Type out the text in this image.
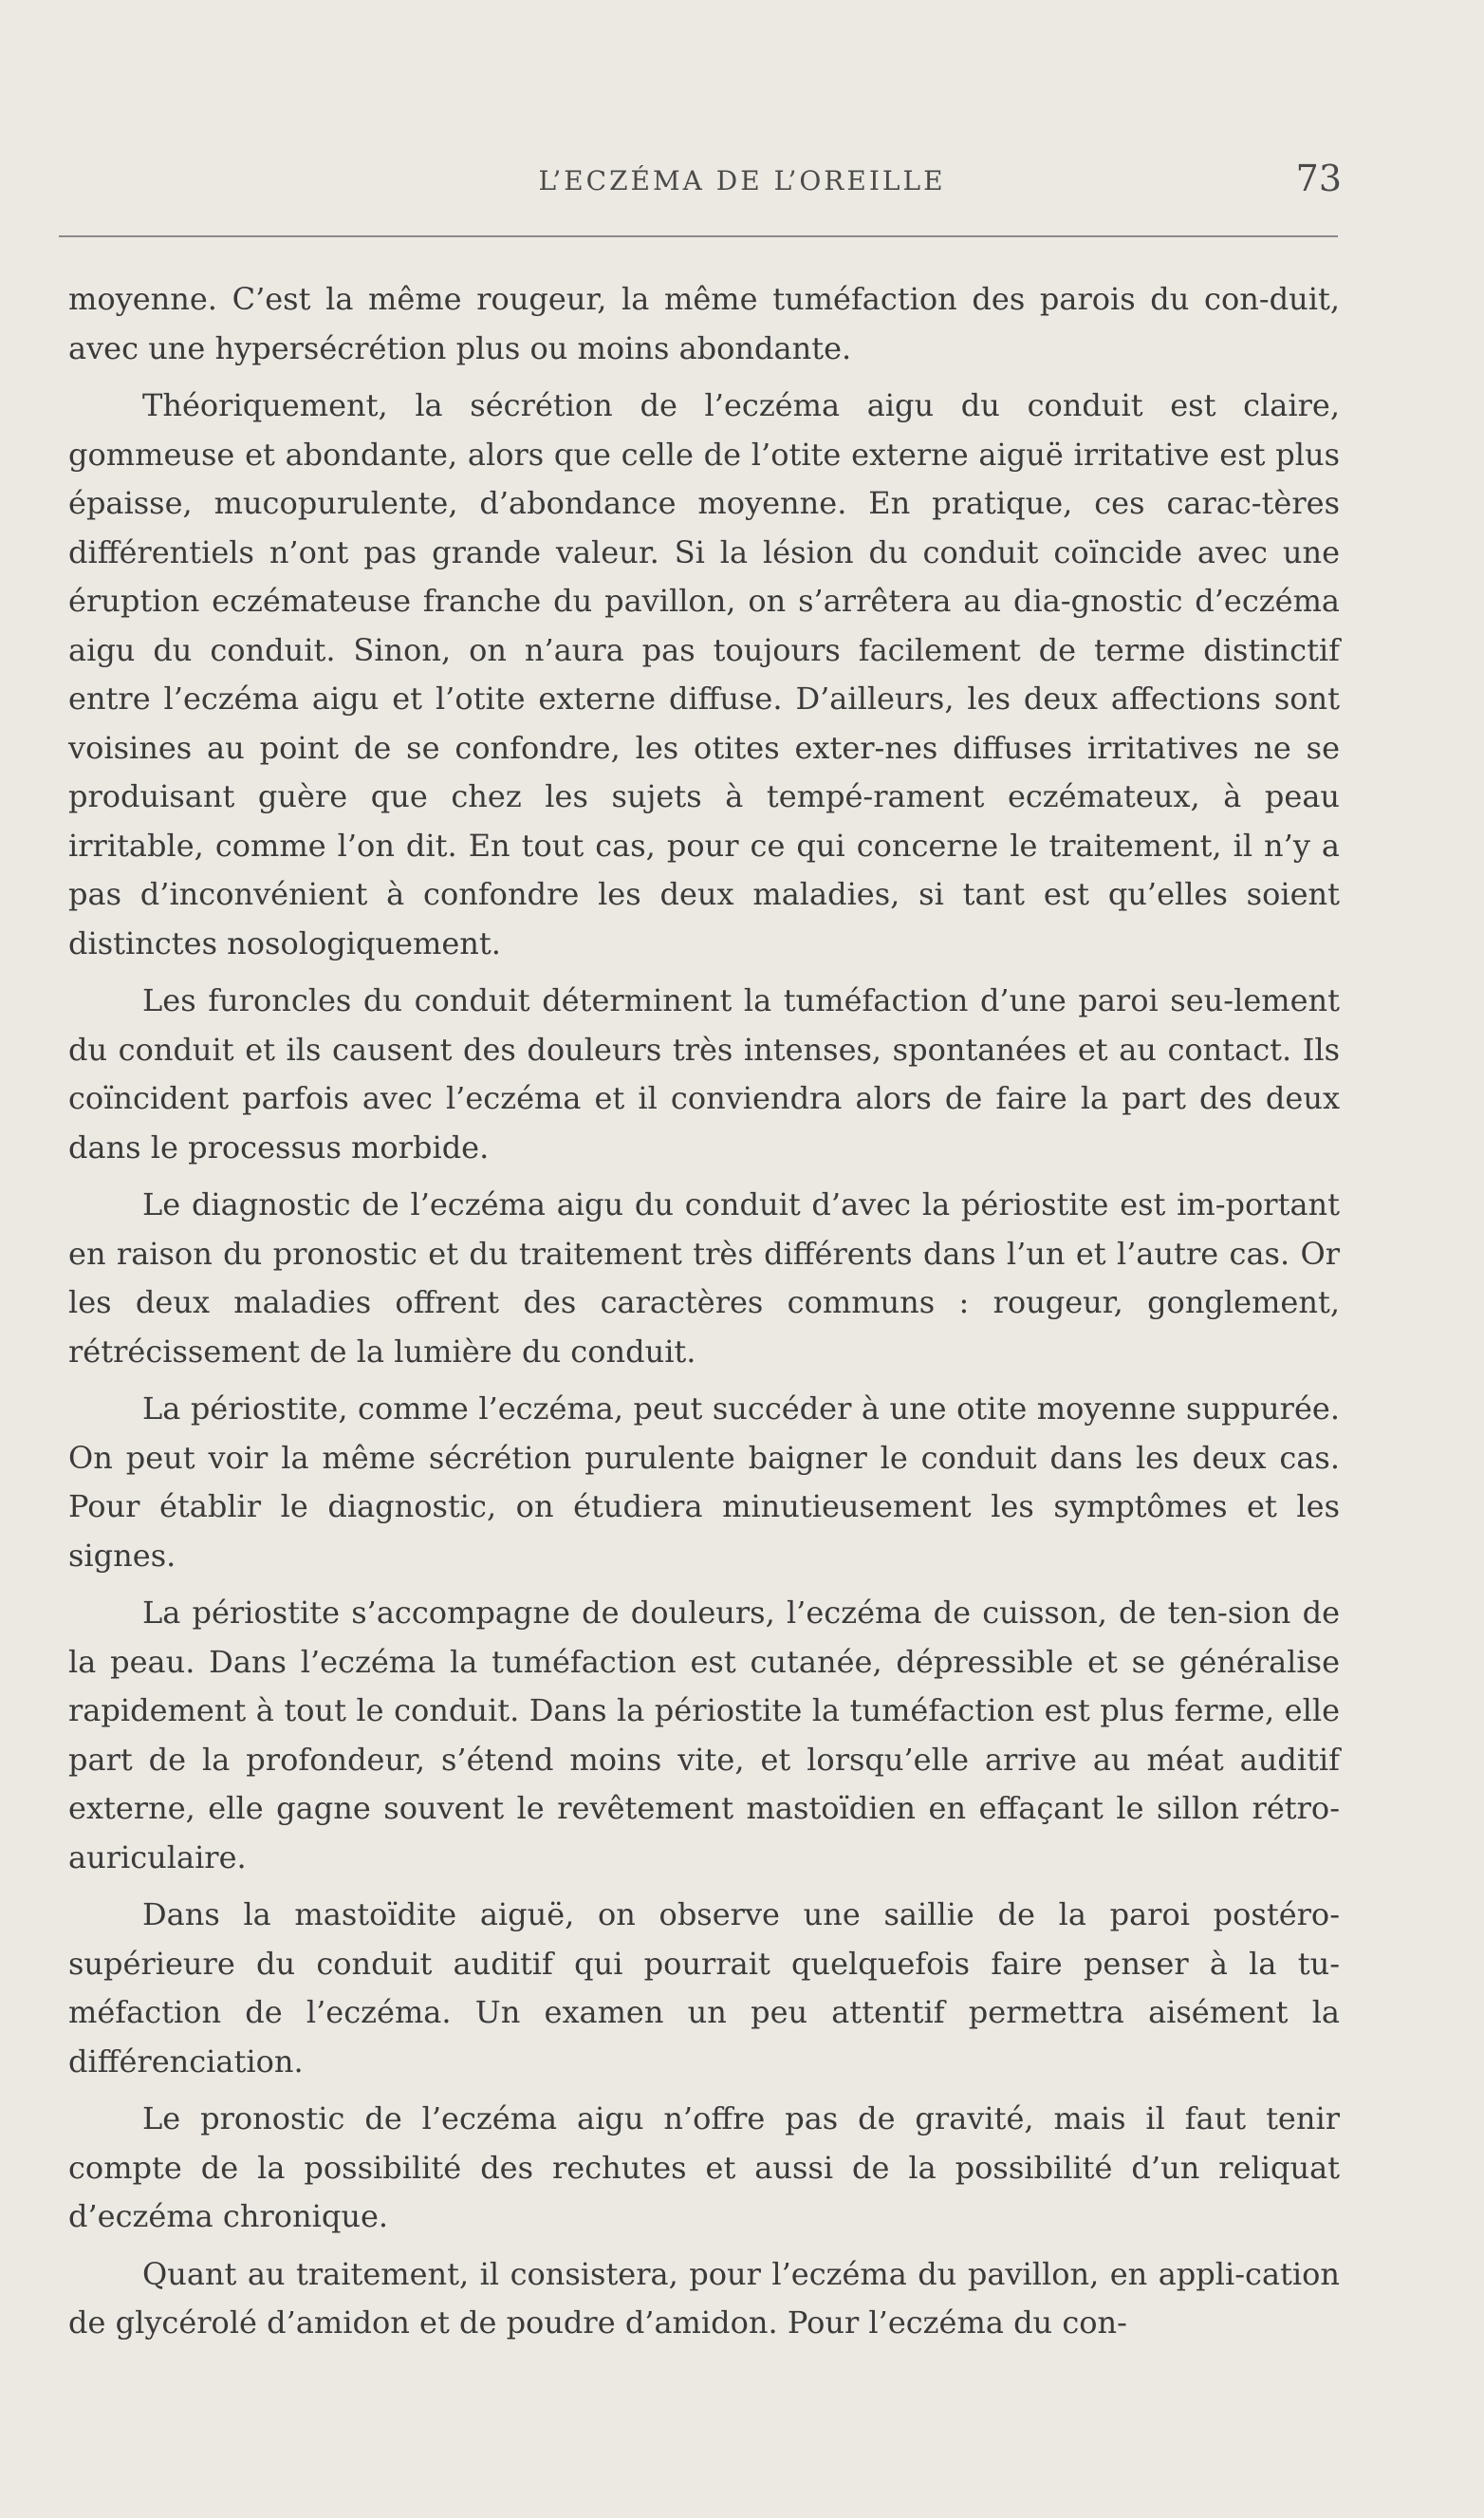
L’ECZÉMA DE L’OREILLE	73

moyenne. C’est la même rougeur, la même tuméfaction des parois du con-duit, avec une hypersécrétion plus ou moins abondante.

Théoriquement, la sécrétion de l’eczéma aigu du conduit est claire, gommeuse et abondante, alors que celle de l’otite externe aiguë irritative est plus épaisse, mucopurulente, d’abondance moyenne. En pratique, ces carac-tères différentiels n’ont pas grande valeur. Si la lésion du conduit coïncide avec une éruption eczémateuse franche du pavillon, on s’arrêtera au dia-gnostic d’eczéma aigu du conduit. Sinon, on n’aura pas toujours facilement de terme distinctif entre l’eczéma aigu et l’otite externe diffuse. D’ailleurs, les deux affections sont voisines au point de se confondre, les otites exter-nes diffuses irritatives ne se produisant guère que chez les sujets à tempé-rament eczémateux, à peau irritable, comme l’on dit. En tout cas, pour ce qui concerne le traitement, il n’y a pas d’inconvénient à confondre les deux maladies, si tant est qu’elles soient distinctes nosologiquement.

Les furoncles du conduit déterminent la tuméfaction d’une paroi seu-lement du conduit et ils causent des douleurs très intenses, spontanées et au contact. Ils coïncident parfois avec l’eczéma et il conviendra alors de faire la part des deux dans le processus morbide.

Le diagnostic de l’eczéma aigu du conduit d’avec la périostite est im-portant en raison du pronostic et du traitement très différents dans l’un et l’autre cas. Or les deux maladies offrent des caractères communs : rougeur, gonglement, rétrécissement de la lumière du conduit.

La périostite, comme l’eczéma, peut succéder à une otite moyenne suppurée. On peut voir la même sécrétion purulente baigner le conduit dans les deux cas. Pour établir le diagnostic, on étudiera minutieusement les symptômes et les signes.

La périostite s’accompagne de douleurs, l’eczéma de cuisson, de ten-sion de la peau. Dans l’eczéma la tuméfaction est cutanée, dépressible et se généralise rapidement à tout le conduit. Dans la périostite la tuméfaction est plus ferme, elle part de la profondeur, s’étend moins vite, et lorsqu’elle arrive au méat auditif externe, elle gagne souvent le revêtement mastoïdien en effaçant le sillon rétro-auriculaire.

Dans la mastoïdite aiguë, on observe une saillie de la paroi postéro-supérieure du conduit auditif qui pourrait quelquefois faire penser à la tu-méfaction de l’eczéma. Un examen un peu attentif permettra aisément la différenciation.

Le pronostic de l’eczéma aigu n’offre pas de gravité, mais il faut tenir compte de la possibilité des rechutes et aussi de la possibilité d’un reliquat d’eczéma chronique.

Quant au traitement, il consistera, pour l’eczéma du pavillon, en appli-cation de glycérolé d’amidon et de poudre d’amidon. Pour l’eczéma du con-
